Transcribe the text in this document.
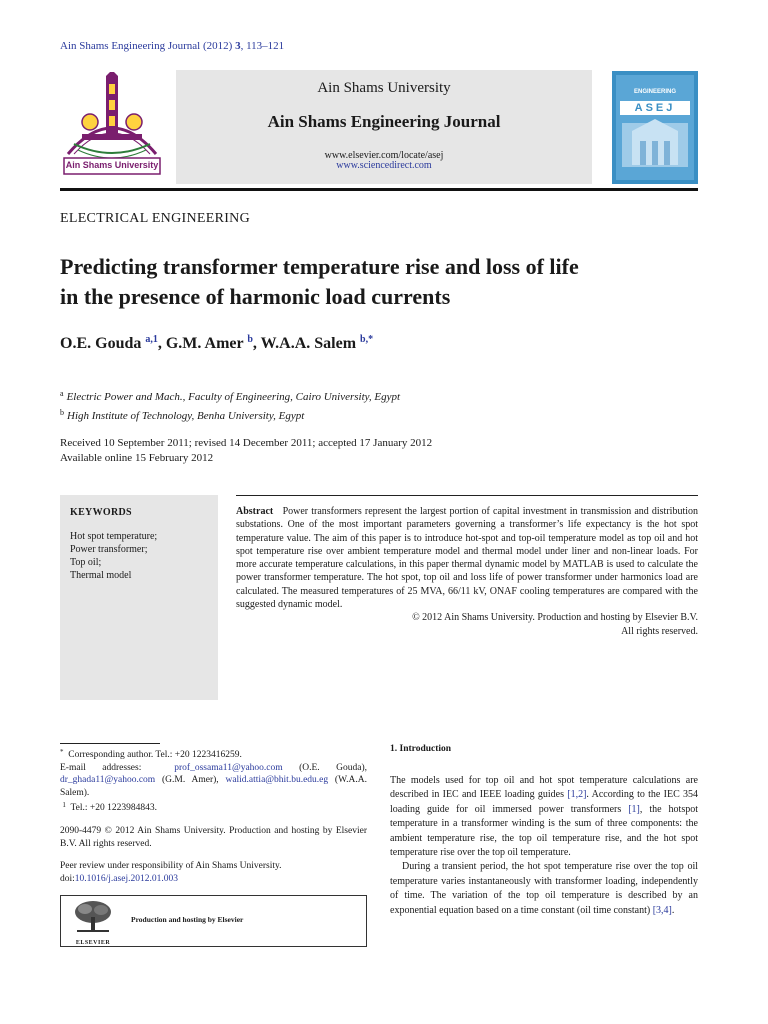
Ain Shams Engineering Journal (2012) 3, 113–121
Ain Shams University
Ain Shams University
Ain Shams Engineering Journal
www.elsevier.com/locate/asej
www.sciencedirect.com
ENGINEERING
ASEJ
ELECTRICAL ENGINEERING
Predicting transformer temperature rise and loss of life
in the presence of harmonic load currents
O.E. Gouda $^{a,1}$, G.M. Amer $^b$, W.A.A. Salem $^{b,*}$
$^a$ Electric Power and Mach., Faculty of Engineering, Cairo University, Egypt
$^b$ High Institute of Technology, Benha University, Egypt
Received 10 September 2011; revised 14 December 2011; accepted 17 January 2012
Available online 15 February 2012
KEYWORDS
Hot spot temperature;
Power transformer;
Top oil;
Thermal model

Abstract Power transformers represent the largest portion of capital investment in transmission and distribution substations. One of the most important parameters governing a transformer’s life expectancy is the hot spot temperature value. The aim of this paper is to introduce hot-spot and top-oil temperature model as top oil and hot spot temperature rise over ambient temperature model and thermal model under liner and non-linear loads. For more accurate temperature calculations, in this paper thermal dynamic model by MATLAB is used to calculate the power transformer temperature. The hot spot, top oil and loss life of power transformer under harmonics load are calculated. The measured temperatures of 25 MVA, 66/11 kV, ONAF cooling temperatures are compared with the suggested dynamic model.

© 2012 Ain Shams University. Production and hosting by Elsevier B.V.
All rights reserved.

* Corresponding author. Tel.: +20 1223416259.

E-mail addresses:	prof_ossama11@yahoo.com (O.E. Gouda), dr_ghada11@yahoo.com (G.M. Amer), walid.attia@bhit.bu.edu.eg (W.A.A. Salem).

$^1$ Tel.: +20 1223984843.

2090-4479 © 2012 Ain Shams University. Production and hosting by Elsevier B.V. All rights reserved.

Peer review under responsibility of Ain Shams University.

doi:10.1016/j.asej.2012.01.003

ELSEVIER
Production and hosting by Elsevier
1. Introduction

The models used for top oil and hot spot temperature calculations are described in IEC and IEEE loading guides [1,2]. According to the IEC 354 loading guide for oil immersed power transformers [1], the hotspot temperature in a transformer winding is the sum of three components: the ambient temperature rise, the top oil temperature rise, and the hot spot temperature rise over the top oil temperature.

During a transient period, the hot spot temperature rise over the top oil temperature varies instantaneously with transformer loading, independently of time. The variation of the top oil temperature is described by an exponential equation based on a time constant (oil time constant) [3,4].
